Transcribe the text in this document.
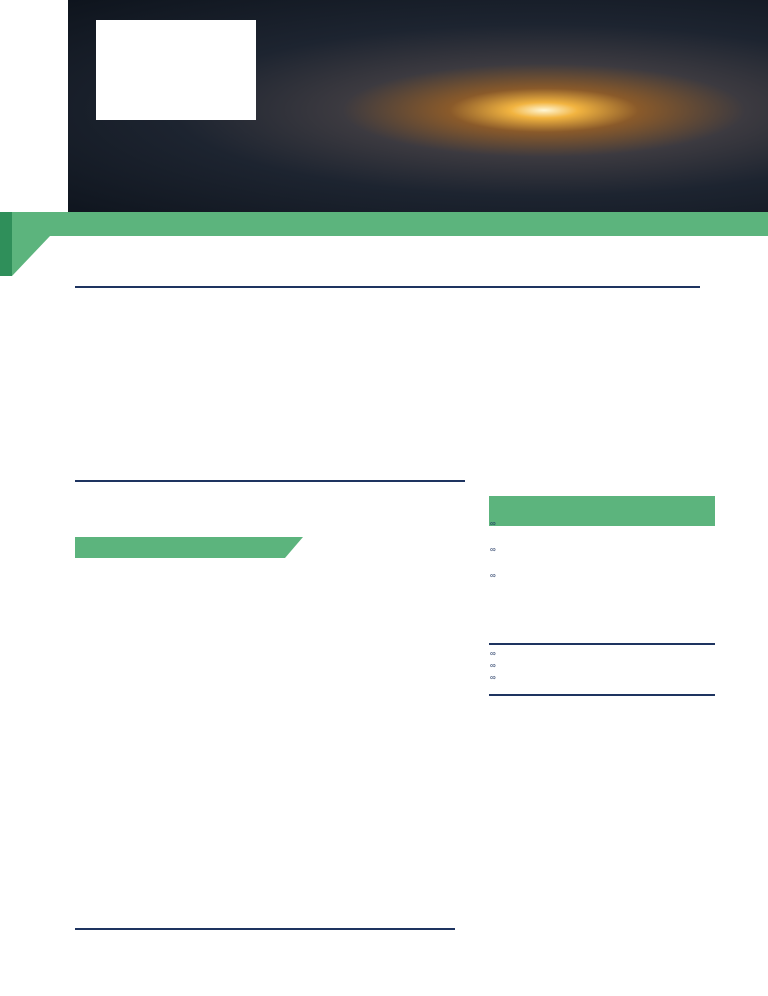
∞
∞
∞
∞
∞
∞
